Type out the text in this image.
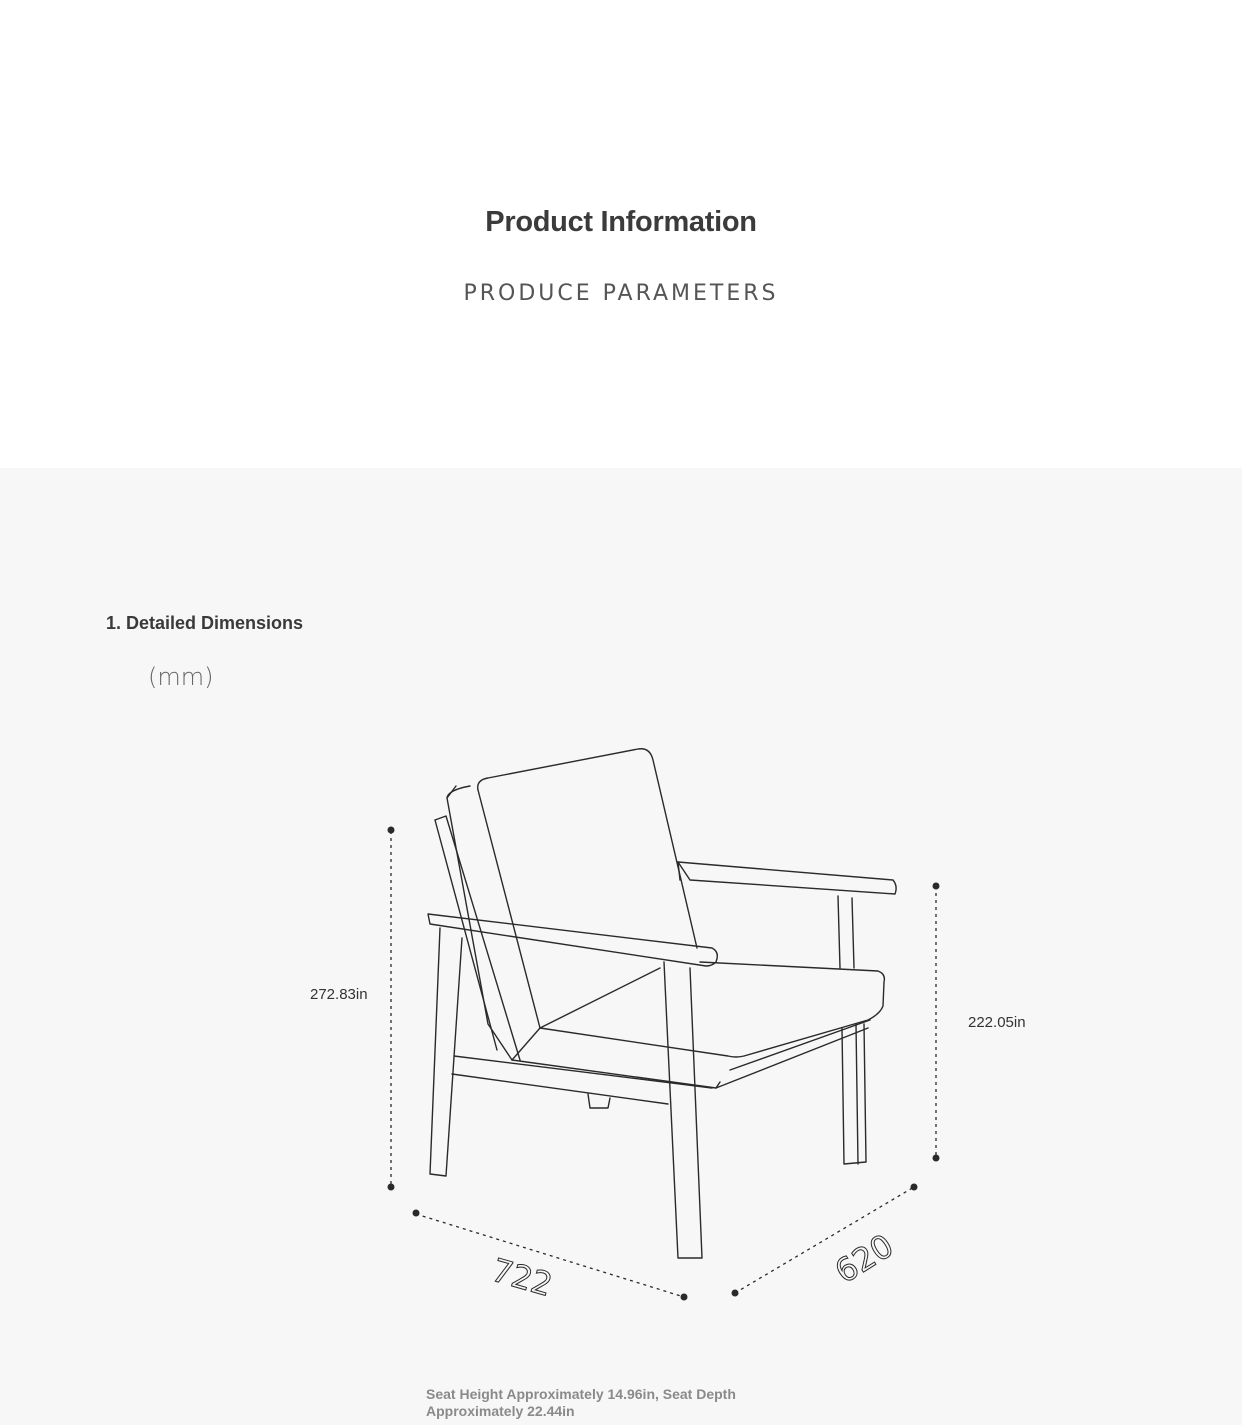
Product Information
PRODUCE PARAMETERS
1. Detailed Dimensions
(mm)
722	620
272.83in
222.05in
Seat Height Approximately 14.96in, Seat Depth Approximately 22.44in
